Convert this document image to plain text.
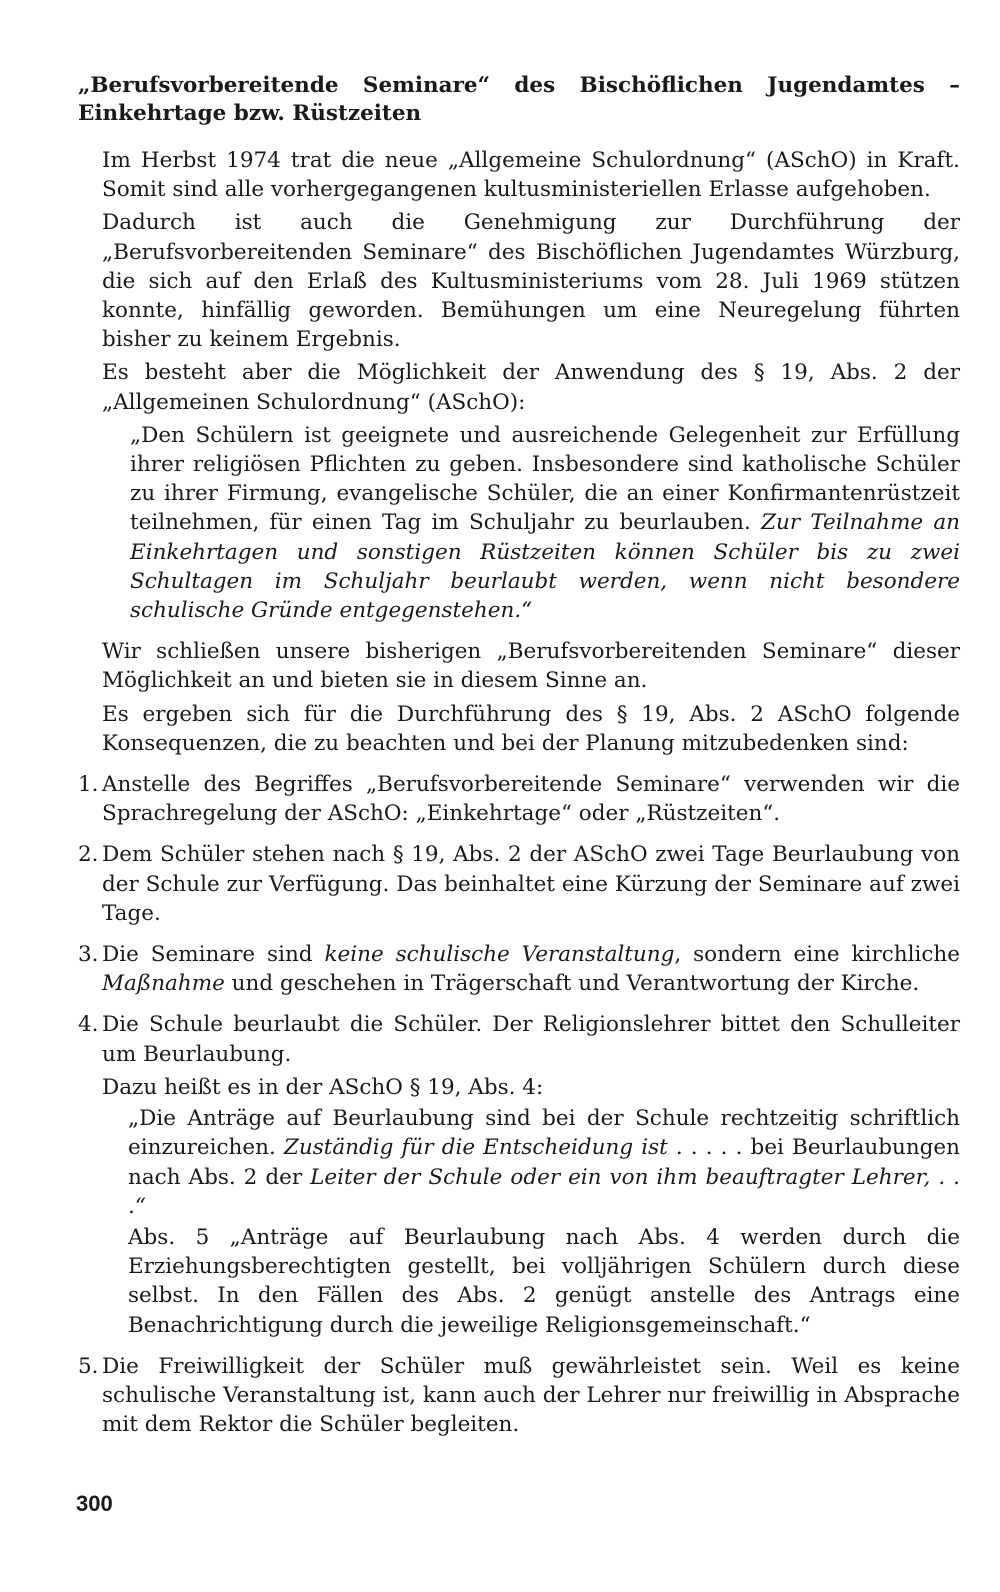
„Berufsvorbereitende Seminare“ des Bischöflichen Jugendamtes – Einkehrtage bzw. Rüstzeiten
Im Herbst 1974 trat die neue „Allgemeine Schulordnung“ (ASchO) in Kraft. Somit sind alle vorhergegangenen kultusministeriellen Erlasse aufgehoben.
Dadurch ist auch die Genehmigung zur Durchführung der „Berufsvorbereitenden Seminare“ des Bischöflichen Jugendamtes Würzburg, die sich auf den Erlaß des Kultusministeriums vom 28. Juli 1969 stützen konnte, hinfällig geworden. Bemühungen um eine Neuregelung führten bisher zu keinem Ergebnis.
Es besteht aber die Möglichkeit der Anwendung des § 19, Abs. 2 der „Allgemeinen Schulordnung“ (ASchO):
„Den Schülern ist geeignete und ausreichende Gelegenheit zur Erfüllung ihrer religiösen Pflichten zu geben. Insbesondere sind katholische Schüler zu ihrer Firmung, evangelische Schüler, die an einer Konfirmantenrüstzeit teilnehmen, für einen Tag im Schuljahr zu beurlauben. Zur Teilnahme an Einkehrtagen und sonstigen Rüstzeiten können Schüler bis zu zwei Schultagen im Schuljahr beurlaubt werden, wenn nicht besondere schulische Gründe entgegenstehen.“
Wir schließen unsere bisherigen „Berufsvorbereitenden Seminare“ dieser Möglichkeit an und bieten sie in diesem Sinne an.
Es ergeben sich für die Durchführung des § 19, Abs. 2 ASchO folgende Konsequenzen, die zu beachten und bei der Planung mitzubedenken sind:
1. Anstelle des Begriffes „Berufsvorbereitende Seminare“ verwenden wir die Sprachregelung der ASchO: „Einkehrtage“ oder „Rüstzeiten“.
2. Dem Schüler stehen nach § 19, Abs. 2 der ASchO zwei Tage Beurlaubung von der Schule zur Verfügung. Das beinhaltet eine Kürzung der Seminare auf zwei Tage.
3. Die Seminare sind keine schulische Veranstaltung, sondern eine kirchliche Maßnahme und geschehen in Trägerschaft und Verantwortung der Kirche.
4. Die Schule beurlaubt die Schüler. Der Religionslehrer bittet den Schulleiter um Beurlaubung.
Dazu heißt es in der ASchO § 19, Abs. 4:
„Die Anträge auf Beurlaubung sind bei der Schule rechtzeitig schriftlich einzureichen. Zuständig für die Entscheidung ist . . . . . bei Beurlaubungen nach Abs. 2 der Leiter der Schule oder ein von ihm beauftragter Lehrer, . . .“
Abs. 5 „Anträge auf Beurlaubung nach Abs. 4 werden durch die Erziehungsberechtigten gestellt, bei volljährigen Schülern durch diese selbst. In den Fällen des Abs. 2 genügt anstelle des Antrags eine Benachrichtigung durch die jeweilige Religionsgemeinschaft.“
5. Die Freiwilligkeit der Schüler muß gewährleistet sein. Weil es keine schulische Veranstaltung ist, kann auch der Lehrer nur freiwillig in Absprache mit dem Rektor die Schüler begleiten.
300
